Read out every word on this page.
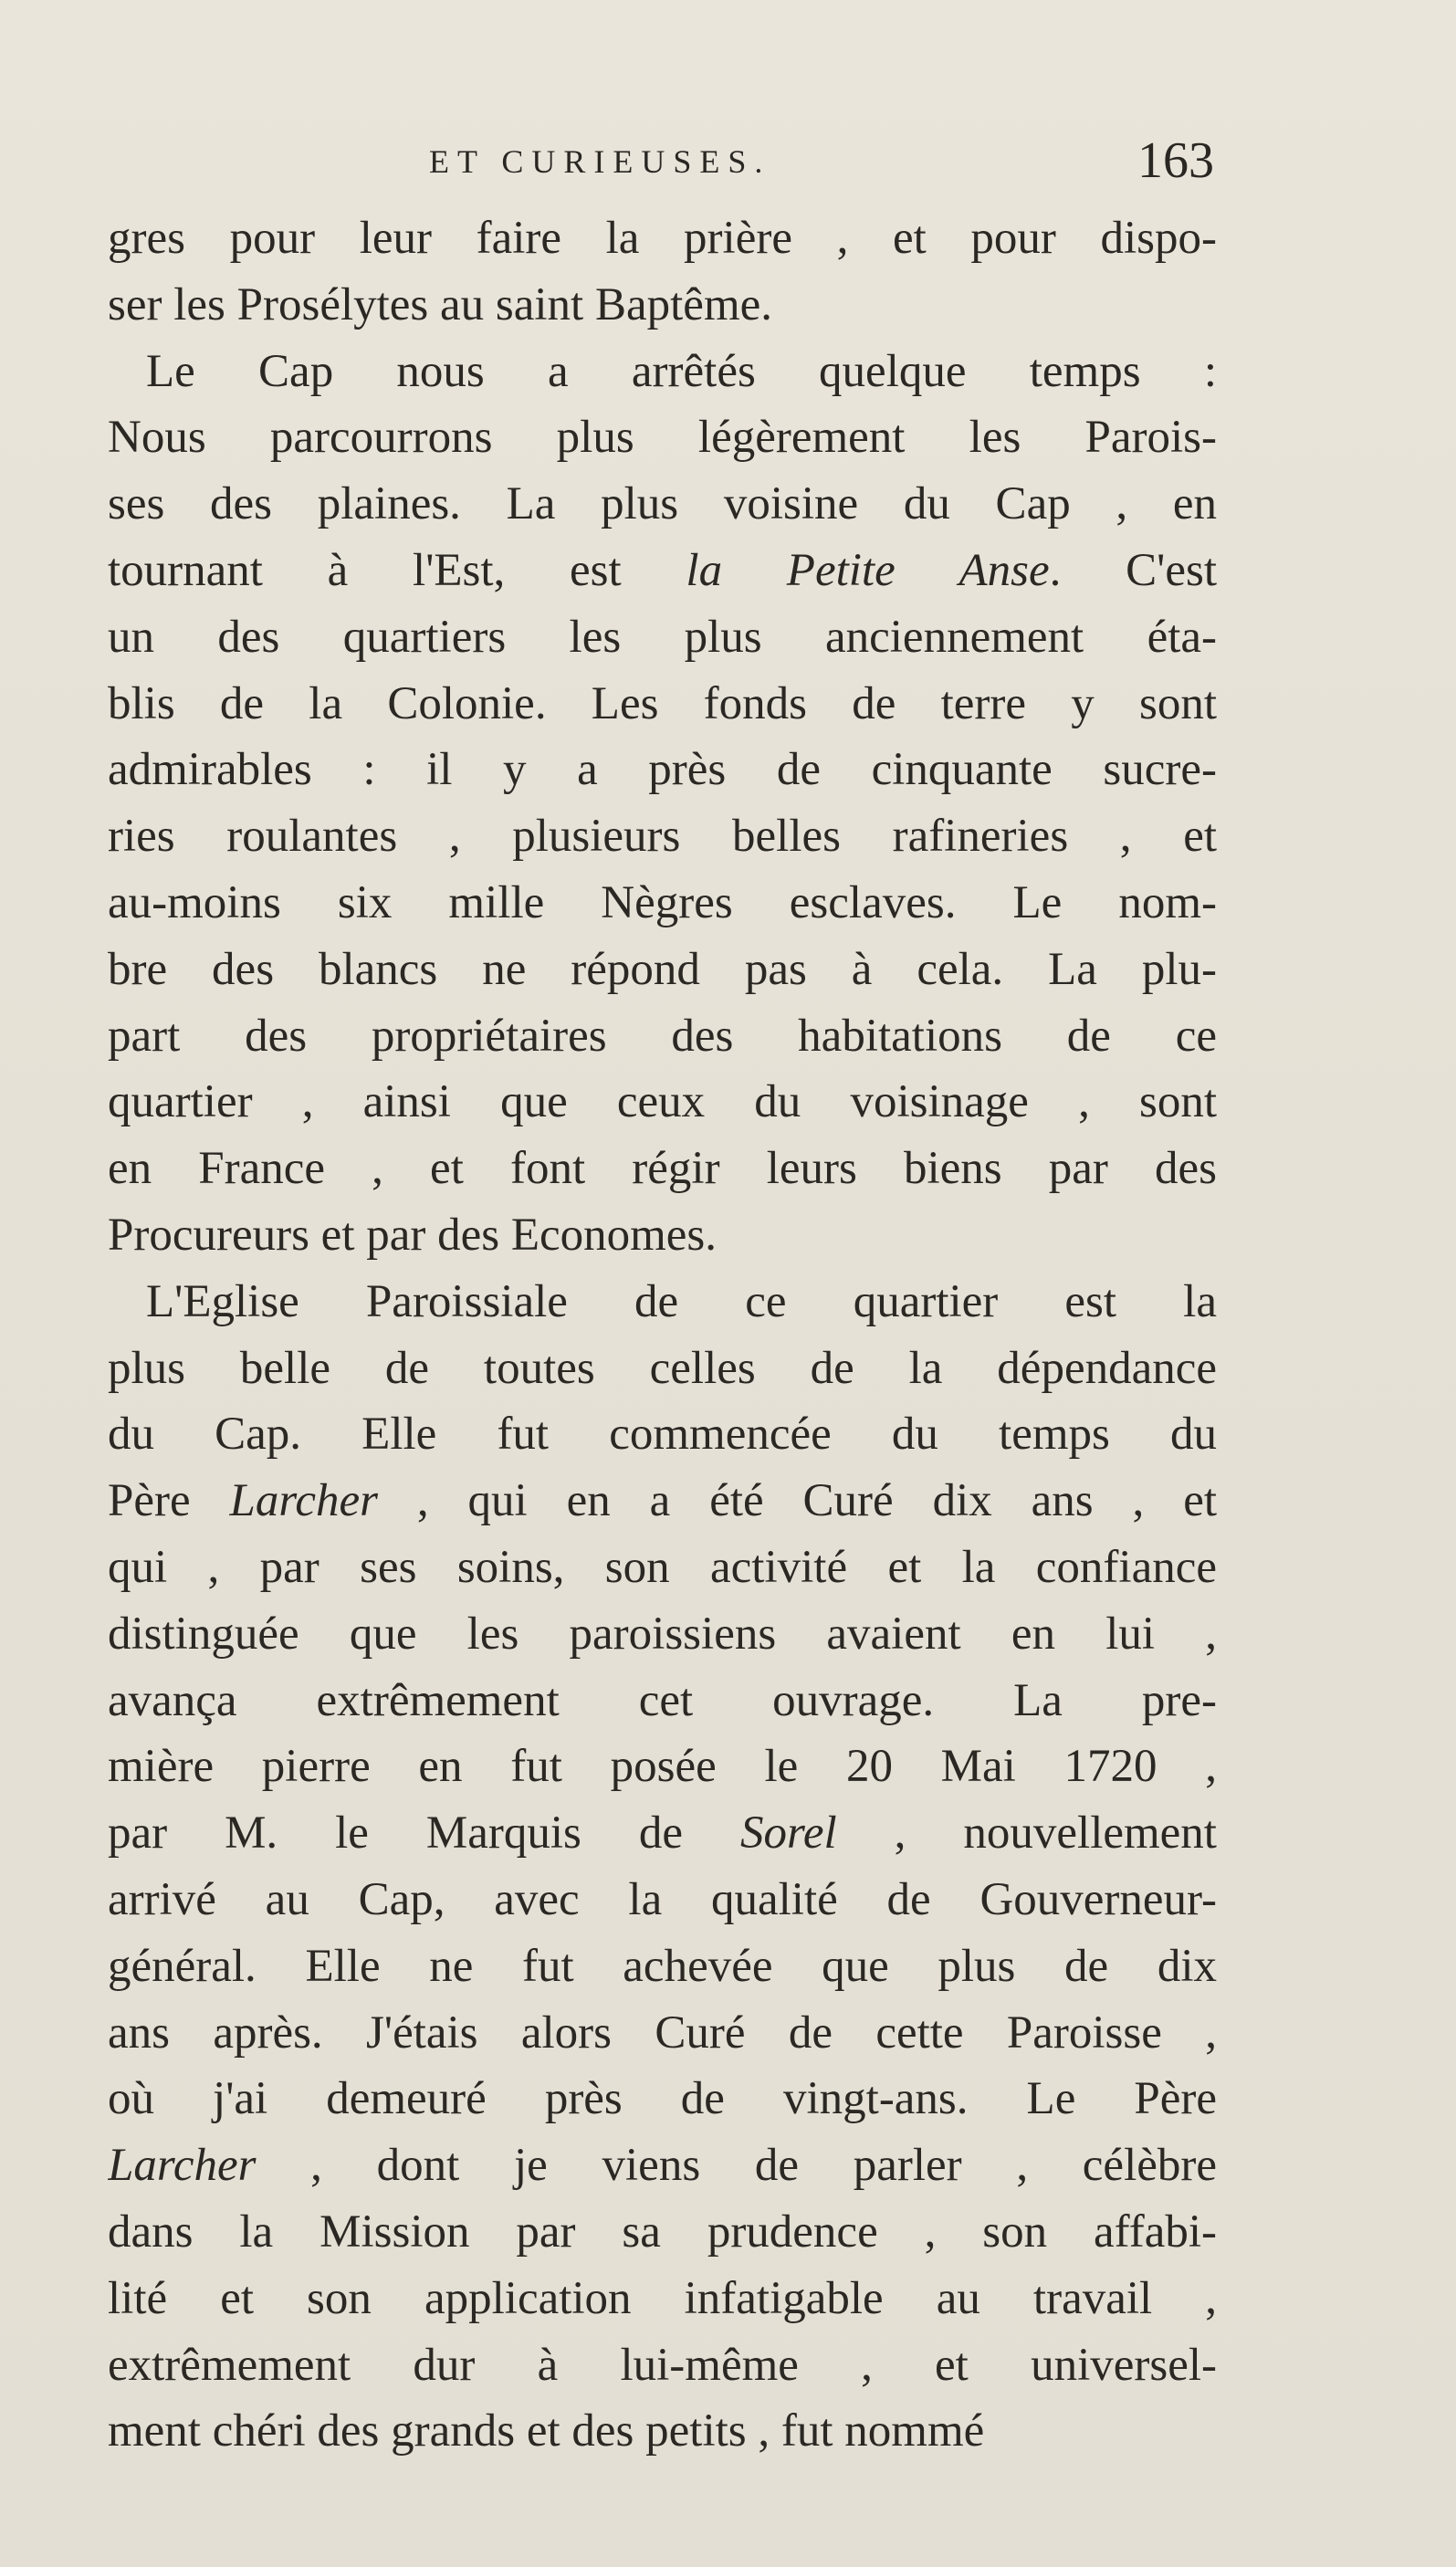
ET CURIEUSES.	163
gres pour leur faire la prière , et pour dispo-
ser les Prosélytes au saint Baptême.
Le Cap nous a arrêtés quelque temps :
Nous parcourrons plus légèrement les Parois-
ses des plaines. La plus voisine du Cap , en
tournant à l'Est, est la Petite Anse. C'est
un des quartiers les plus anciennement éta-
blis de la Colonie. Les fonds de terre y sont
admirables : il y a près de cinquante sucre-
ries roulantes , plusieurs belles rafineries , et
au-moins six mille Nègres esclaves. Le nom-
bre des blancs ne répond pas à cela. La plu-
part des propriétaires des habitations de ce
quartier , ainsi que ceux du voisinage , sont
en France , et font régir leurs biens par des
Procureurs et par des Economes.
L'Eglise Paroissiale de ce quartier est la
plus belle de toutes celles de la dépendance
du Cap. Elle fut commencée du temps du
Père Larcher , qui en a été Curé dix ans , et
qui , par ses soins, son activité et la confiance
distinguée que les paroissiens avaient en lui ,
avança extrêmement cet ouvrage. La pre-
mière pierre en fut posée le 20 Mai 1720 ,
par M. le Marquis de Sorel , nouvellement
arrivé au Cap, avec la qualité de Gouverneur-
général. Elle ne fut achevée que plus de dix
ans après. J'étais alors Curé de cette Paroisse ,
où j'ai demeuré près de vingt-ans. Le Père
Larcher , dont je viens de parler , célèbre
dans la Mission par sa prudence , son affabi-
lité et son application infatigable au travail ,
extrêmement dur à lui-même , et universel-
ment chéri des grands et des petits , fut nommé
